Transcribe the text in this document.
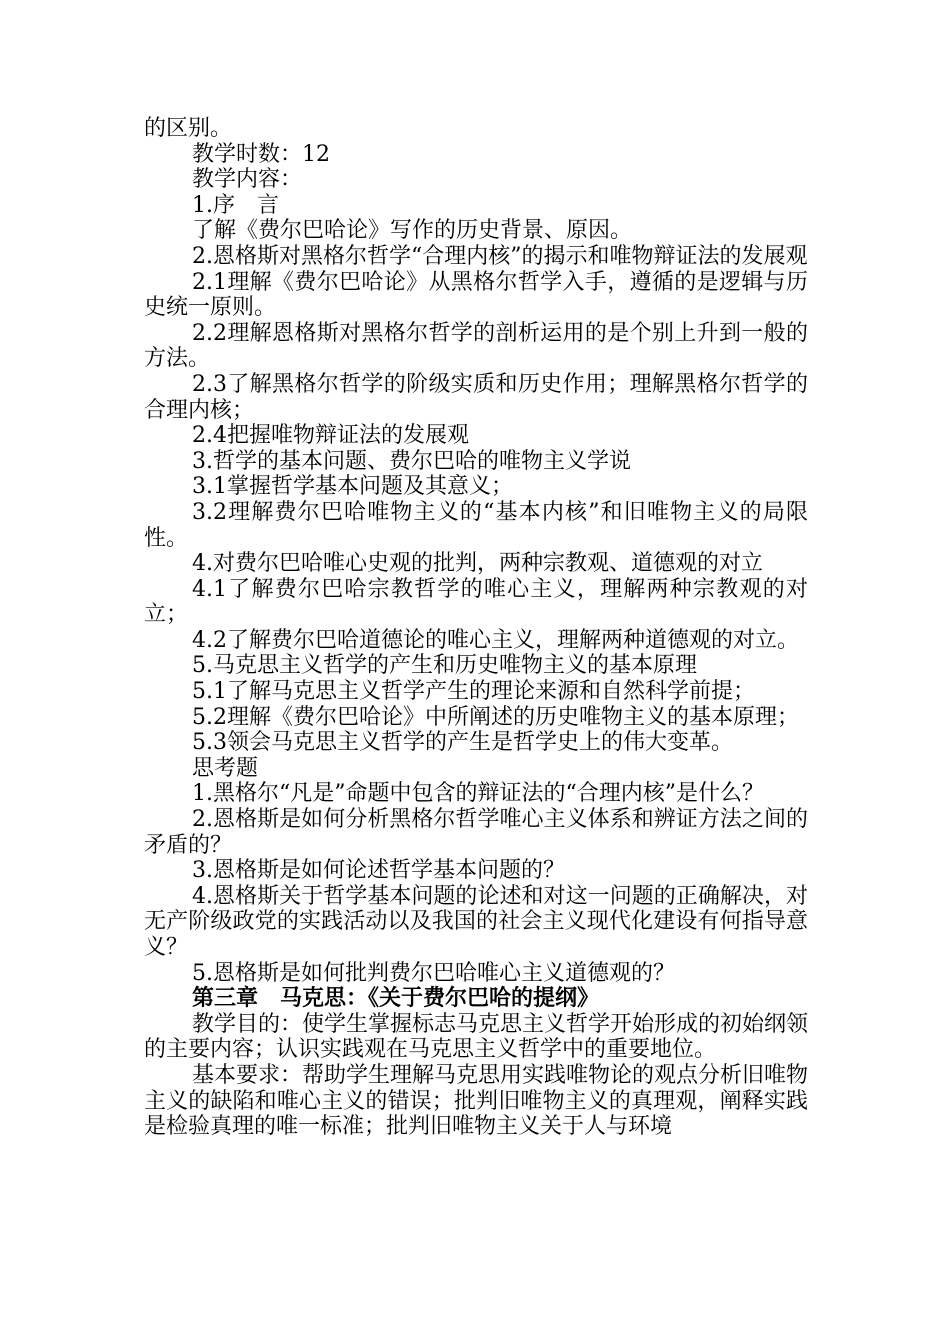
的区别。

教学时数：12

教学内容：

1.序　言

了解《费尔巴哈论》写作的历史背景、原因。

2.恩格斯对黑格尔哲学“合理内核”的揭示和唯物辩证法的发展观

2.1理解《费尔巴哈论》从黑格尔哲学入手，遵循的是逻辑与历史统一原则。

2.2理解恩格斯对黑格尔哲学的剖析运用的是个别上升到一般的方法。

2.3了解黑格尔哲学的阶级实质和历史作用；理解黑格尔哲学的合理内核；

2.4把握唯物辩证法的发展观

3.哲学的基本问题、费尔巴哈的唯物主义学说

3.1掌握哲学基本问题及其意义；

3.2理解费尔巴哈唯物主义的“基本内核”和旧唯物主义的局限性。

4.对费尔巴哈唯心史观的批判，两种宗教观、道德观的对立

4.1了解费尔巴哈宗教哲学的唯心主义，理解两种宗教观的对立；

4.2了解费尔巴哈道德论的唯心主义，理解两种道德观的对立。

5.马克思主义哲学的产生和历史唯物主义的基本原理

5.1了解马克思主义哲学产生的理论来源和自然科学前提；

5.2理解《费尔巴哈论》中所阐述的历史唯物主义的基本原理；

5.3领会马克思主义哲学的产生是哲学史上的伟大变革。

思考题

1.黑格尔“凡是”命题中包含的辩证法的“合理内核”是什么？

2.恩格斯是如何分析黑格尔哲学唯心主义体系和辨证方法之间的矛盾的？

3.恩格斯是如何论述哲学基本问题的？

4.恩格斯关于哲学基本问题的论述和对这一问题的正确解决，对无产阶级政党的实践活动以及我国的社会主义现代化建设有何指导意义？

5.恩格斯是如何批判费尔巴哈唯心主义道德观的？

第三章　马克思：《关于费尔巴哈的提纲》

教学目的：使学生掌握标志马克思主义哲学开始形成的初始纲领的主要内容；认识实践观在马克思主义哲学中的重要地位。

基本要求：帮助学生理解马克思用实践唯物论的观点分析旧唯物主义的缺陷和唯心主义的错误；批判旧唯物主义的真理观，阐释实践是检验真理的唯一标准；批判旧唯物主义关于人与环境
